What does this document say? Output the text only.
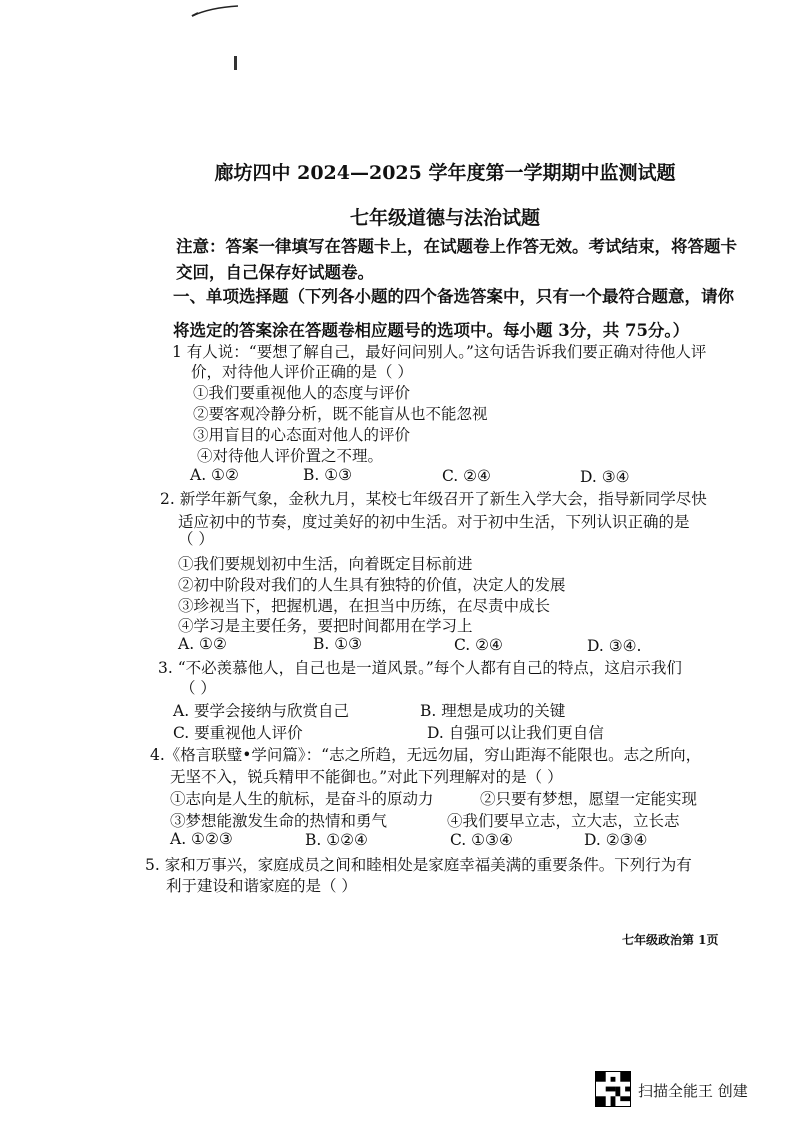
廊坊四中 2024—2025 学年度第一学期期中监测试题
七年级道德与法治试题
注意：答案一律填写在答题卡上，在试题卷上作答无效。考试结束，将答题卡
交回，自己保存好试题卷。
一、单项选择题（下列各小题的四个备选答案中，只有一个最符合题意，请你
将选定的答案涂在答题卷相应题号的选项中。每小题 3分，共 75分。）
1 有人说：“要想了解自己，最好问问别人。”这句话告诉我们要正确对待他人评
价，对待他人评价正确的是（ ）
①我们要重视他人的态度与评价
②要客观冷静分析，既不能盲从也不能忽视
③用盲目的心态面对他人的评价
④对待他人评价置之不理。
A. ①②	B. ①③	C. ②④	D. ③④
2. 新学年新气象，金秋九月，某校七年级召开了新生入学大会，指导新同学尽快
适应初中的节奏，度过美好的初中生活。对于初中生活，下列认识正确的是
（ ）
①我们要规划初中生活，向着既定目标前进
②初中阶段对我们的人生具有独特的价值，决定人的发展
③珍视当下，把握机遇，在担当中历练，在尽责中成长
④学习是主要任务，要把时间都用在学习上
A. ①②	B. ①③	C. ②④	D. ③④.
3. “不必羡慕他人，自己也是一道风景。”每个人都有自己的特点，这启示我们
（ ）
A. 要学会接纳与欣赏自己	B. 理想是成功的关键
C. 要重视他人评价	D. 自强可以让我们更自信
4.《格言联璧•学问篇》：“志之所趋，无远勿届，穷山距海不能限也。志之所向，
无坚不入，锐兵精甲不能御也。”对此下列理解对的是（ ）
①志向是人生的航标，是奋斗的原动力	②只要有梦想，愿望一定能实现
③梦想能激发生命的热情和勇气	④我们要早立志，立大志，立长志
A. ①②③	B. ①②④	C. ①③④	D. ②③④
5. 家和万事兴，家庭成员之间和睦相处是家庭幸福美满的重要条件。下列行为有
利于建设和谐家庭的是（ ）
七年级政治第 1页
扫描全能王 创建
